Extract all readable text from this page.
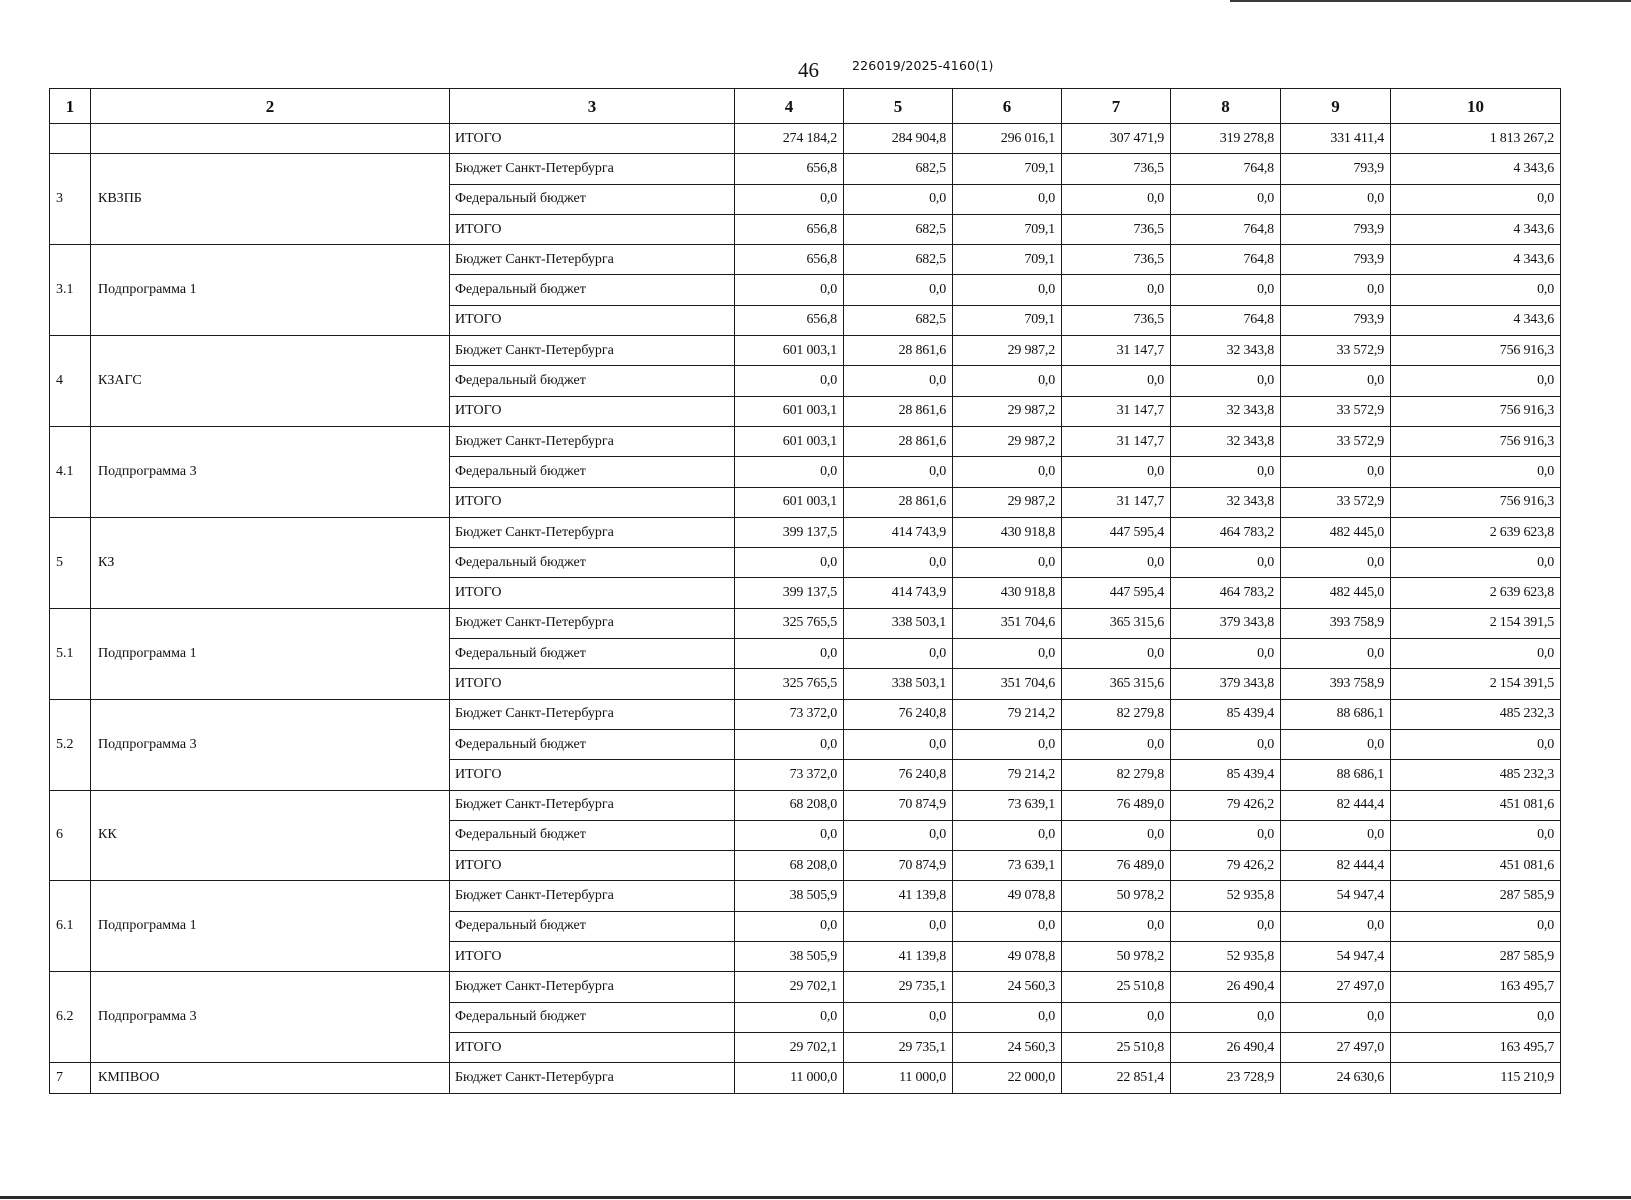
46	226019/2025-4160(1)
1	2	3	4	5	6	7	8	9	10
		ИТОГО	274 184,2	284 904,8	296 016,1	307 471,9	319 278,8	331 411,4	1 813 267,2
3	КВЗПБ	Бюджет Санкт-Петербурга	656,8	682,5	709,1	736,5	764,8	793,9	4 343,6
		Федеральный бюджет	0,0	0,0	0,0	0,0	0,0	0,0	0,0
		ИТОГО	656,8	682,5	709,1	736,5	764,8	793,9	4 343,6
3.1	Подпрограмма 1	Бюджет Санкт-Петербурга	656,8	682,5	709,1	736,5	764,8	793,9	4 343,6
		Федеральный бюджет	0,0	0,0	0,0	0,0	0,0	0,0	0,0
		ИТОГО	656,8	682,5	709,1	736,5	764,8	793,9	4 343,6
4	КЗАГС	Бюджет Санкт-Петербурга	601 003,1	28 861,6	29 987,2	31 147,7	32 343,8	33 572,9	756 916,3
		Федеральный бюджет	0,0	0,0	0,0	0,0	0,0	0,0	0,0
		ИТОГО	601 003,1	28 861,6	29 987,2	31 147,7	32 343,8	33 572,9	756 916,3
4.1	Подпрограмма 3	Бюджет Санкт-Петербурга	601 003,1	28 861,6	29 987,2	31 147,7	32 343,8	33 572,9	756 916,3
		Федеральный бюджет	0,0	0,0	0,0	0,0	0,0	0,0	0,0
		ИТОГО	601 003,1	28 861,6	29 987,2	31 147,7	32 343,8	33 572,9	756 916,3
5	КЗ	Бюджет Санкт-Петербурга	399 137,5	414 743,9	430 918,8	447 595,4	464 783,2	482 445,0	2 639 623,8
		Федеральный бюджет	0,0	0,0	0,0	0,0	0,0	0,0	0,0
		ИТОГО	399 137,5	414 743,9	430 918,8	447 595,4	464 783,2	482 445,0	2 639 623,8
5.1	Подпрограмма 1	Бюджет Санкт-Петербурга	325 765,5	338 503,1	351 704,6	365 315,6	379 343,8	393 758,9	2 154 391,5
		Федеральный бюджет	0,0	0,0	0,0	0,0	0,0	0,0	0,0
		ИТОГО	325 765,5	338 503,1	351 704,6	365 315,6	379 343,8	393 758,9	2 154 391,5
5.2	Подпрограмма 3	Бюджет Санкт-Петербурга	73 372,0	76 240,8	79 214,2	82 279,8	85 439,4	88 686,1	485 232,3
		Федеральный бюджет	0,0	0,0	0,0	0,0	0,0	0,0	0,0
		ИТОГО	73 372,0	76 240,8	79 214,2	82 279,8	85 439,4	88 686,1	485 232,3
6	КК	Бюджет Санкт-Петербурга	68 208,0	70 874,9	73 639,1	76 489,0	79 426,2	82 444,4	451 081,6
		Федеральный бюджет	0,0	0,0	0,0	0,0	0,0	0,0	0,0
		ИТОГО	68 208,0	70 874,9	73 639,1	76 489,0	79 426,2	82 444,4	451 081,6
6.1	Подпрограмма 1	Бюджет Санкт-Петербурга	38 505,9	41 139,8	49 078,8	50 978,2	52 935,8	54 947,4	287 585,9
		Федеральный бюджет	0,0	0,0	0,0	0,0	0,0	0,0	0,0
		ИТОГО	38 505,9	41 139,8	49 078,8	50 978,2	52 935,8	54 947,4	287 585,9
6.2	Подпрограмма 3	Бюджет Санкт-Петербурга	29 702,1	29 735,1	24 560,3	25 510,8	26 490,4	27 497,0	163 495,7
		Федеральный бюджет	0,0	0,0	0,0	0,0	0,0	0,0	0,0
		ИТОГО	29 702,1	29 735,1	24 560,3	25 510,8	26 490,4	27 497,0	163 495,7
7	КМПВОО	Бюджет Санкт-Петербурга	11 000,0	11 000,0	22 000,0	22 851,4	23 728,9	24 630,6	115 210,9
